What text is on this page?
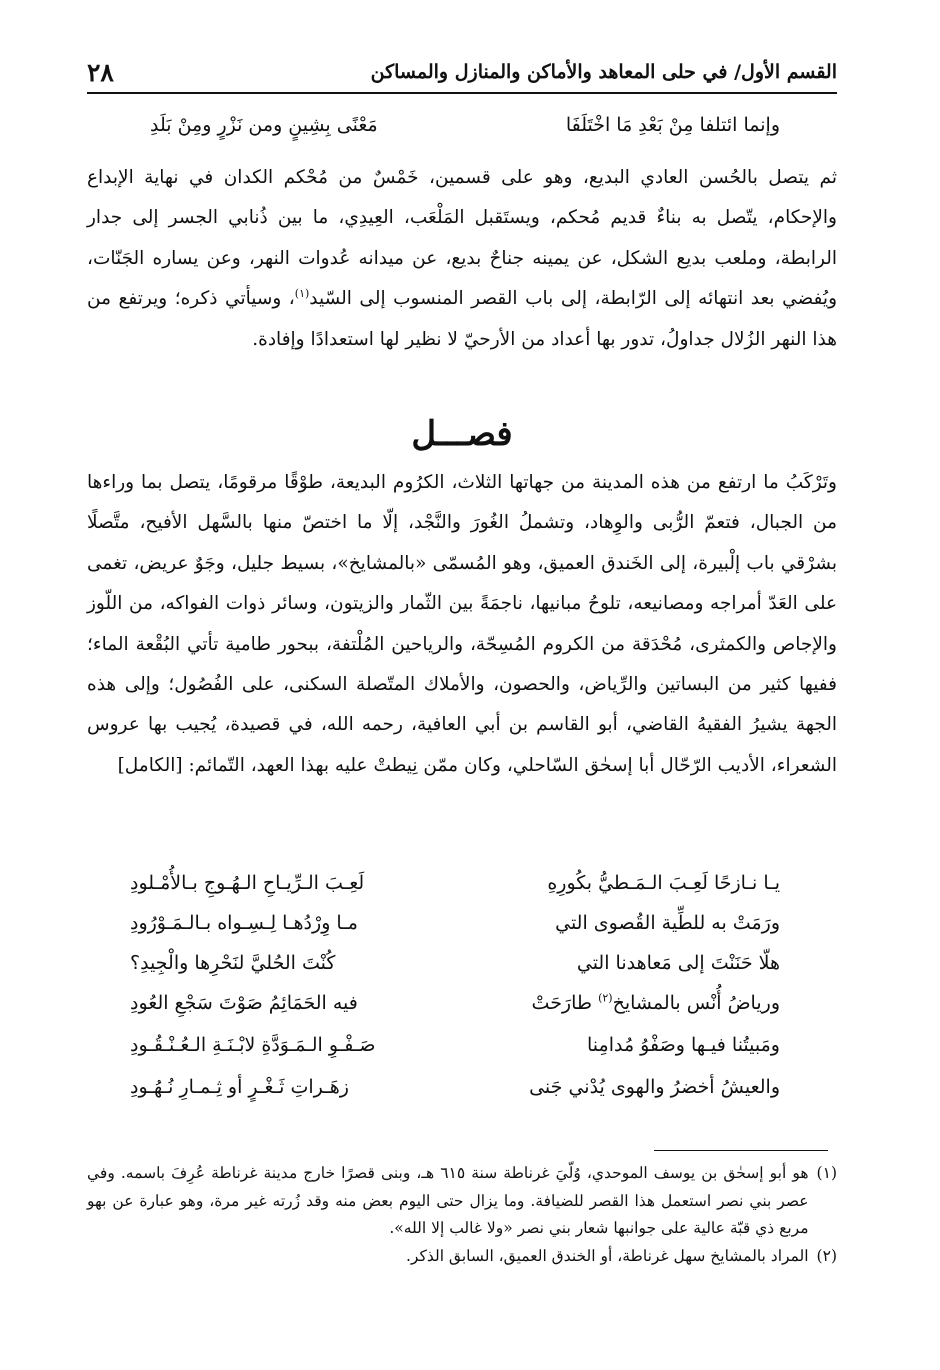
القسم الأول/ في حلى المعاهد والأماكن والمنازل والمساكن
٢٨
وإنما ائتلفا مِنْ بَعْدِ مَا اخْتَلَفَا
مَعْنًى بِشِينٍ ومن نَزْرٍ ومِنْ بَلَدِ

ثم يتصل بالحُسن العادي البديع، وهو على قسمين، خَمْسٌ من مُحْكم الكدان في نهاية الإبداع والإحكام، يتّصل به بناءٌ قديم مُحكم، ويستَقبل المَلْعَب، العِيدِي، ما بين ذُنابي الجسر إلى جدار الرابطة، وملعب بديع الشكل، عن يمينه جناحٌ بديع، عن ميدانه عُدوات النهر، وعن يساره الجَنّات، ويُفضي بعد انتهائه إلى الرّابطة، إلى باب القصر المنسوب إلى السّيد$^{(١)}$، وسيأتي ذكره؛ ويرتفع من هذا النهر الزُلال جداولُ، تدور بها أعداد من الأرحيّ لا نظير لها استعدادًا وإفادة.

فصـــل

وتَرْكَبُ ما ارتفع من هذه المدينة من جهاتها الثلاث، الكرُوم البديعة، طوْقًا مرقومًا، يتصل بما وراءها من الجبال، فتعمّ الرُّبى والوِهاد، وتشملُ الغُورَ والنَّجْد، إلّا ما اختصّ منها بالسَّهل الأفيح، متَّصلًا بشرْقي باب إلْبيرة، إلى الخَندق العميق، وهو المُسمّى «بالمشايخ»، بسيط جليل، وجَوٌ عريض، تغمى على العَدّ أمراجه ومصانيعه، تلوحُ مبانيها، ناجمَةً بين الثّمار والزيتون، وسائر ذوات الفواكه، من اللّوز والإجاص والكمثرى، مُحْدَقة من الكروم المُسِحّة، والرياحين المُلْتفة، ببحور طامية تأتي البُقْعة الماء؛ ففيها كثير من البساتين والرِّياض، والحصون، والأملاك المتّصلة السكنى، على الفُصُول؛ وإلى هذه الجهة يشيرُ الفقيهُ القاضي، أبو القاسم بن أبي العافية، رحمه الله، في قصيدة، يُجيب بها عروس الشعراء، الأديب الرّحّال أبا إسحٰق السّاحلي، وكان ممّن نِيطتْ عليه بهذا العهد، التّمائم: [الكامل]

يـا نـازحًا لَعِـبَ الـمَـطيُّ بكُورِهِ
لَعِـبَ الـرِّيـاحِ الـهُـوجِ بـالأُمْـلودِ
ورَمَتْ به للطِّية القُصوى التي
مـا وِرْدُهـا لِـسِـواه بـالـمَـوْرُودِ
هلّا حَنَنْتَ إلى مَعاهدنا التي
كُنْتَ الحُليَّ لنَحْرِها والْجِيدِ؟
ورياضُ أُنْس بالمشايخ$^{(٢)}$ طارَحَتْ
فيه الحَمَائِمُ صَوْتَ سَجْعِ العُودِ
ومَبيتُنا فيـها وصَفْوُ مُدامِنا
صَـفْـوِ الـمَـوَدَّةِ لابْـنَـةِ الـعُـنْـقُـودِ
والعيشُ أخضرُ والهوى يُدْني جَنى
زهَـراتِ ثَـغْـرٍ أو ثِـمـارِ نُـهُـودِ

(١)
هو أبو إسحٰق بن يوسف الموحدي، وُلّيَ غرناطة سنة ٦١٥ هـ، وبنى قصرًا خارج مدينة غرناطة عُرِفَ باسمه. وفي عصر بني نصر استعمل هذا القصر للضيافة. وما يزال حتى اليوم بعض منه وقد زُرته غير مرة، وهو عبارة عن بهو مربع ذي قبّة عالية على جوانبها شعار بني نصر «ولا غالب إلا الله».

(٢)
المراد بالمشايخ سهل غرناطة، أو الخندق العميق، السابق الذكر.
